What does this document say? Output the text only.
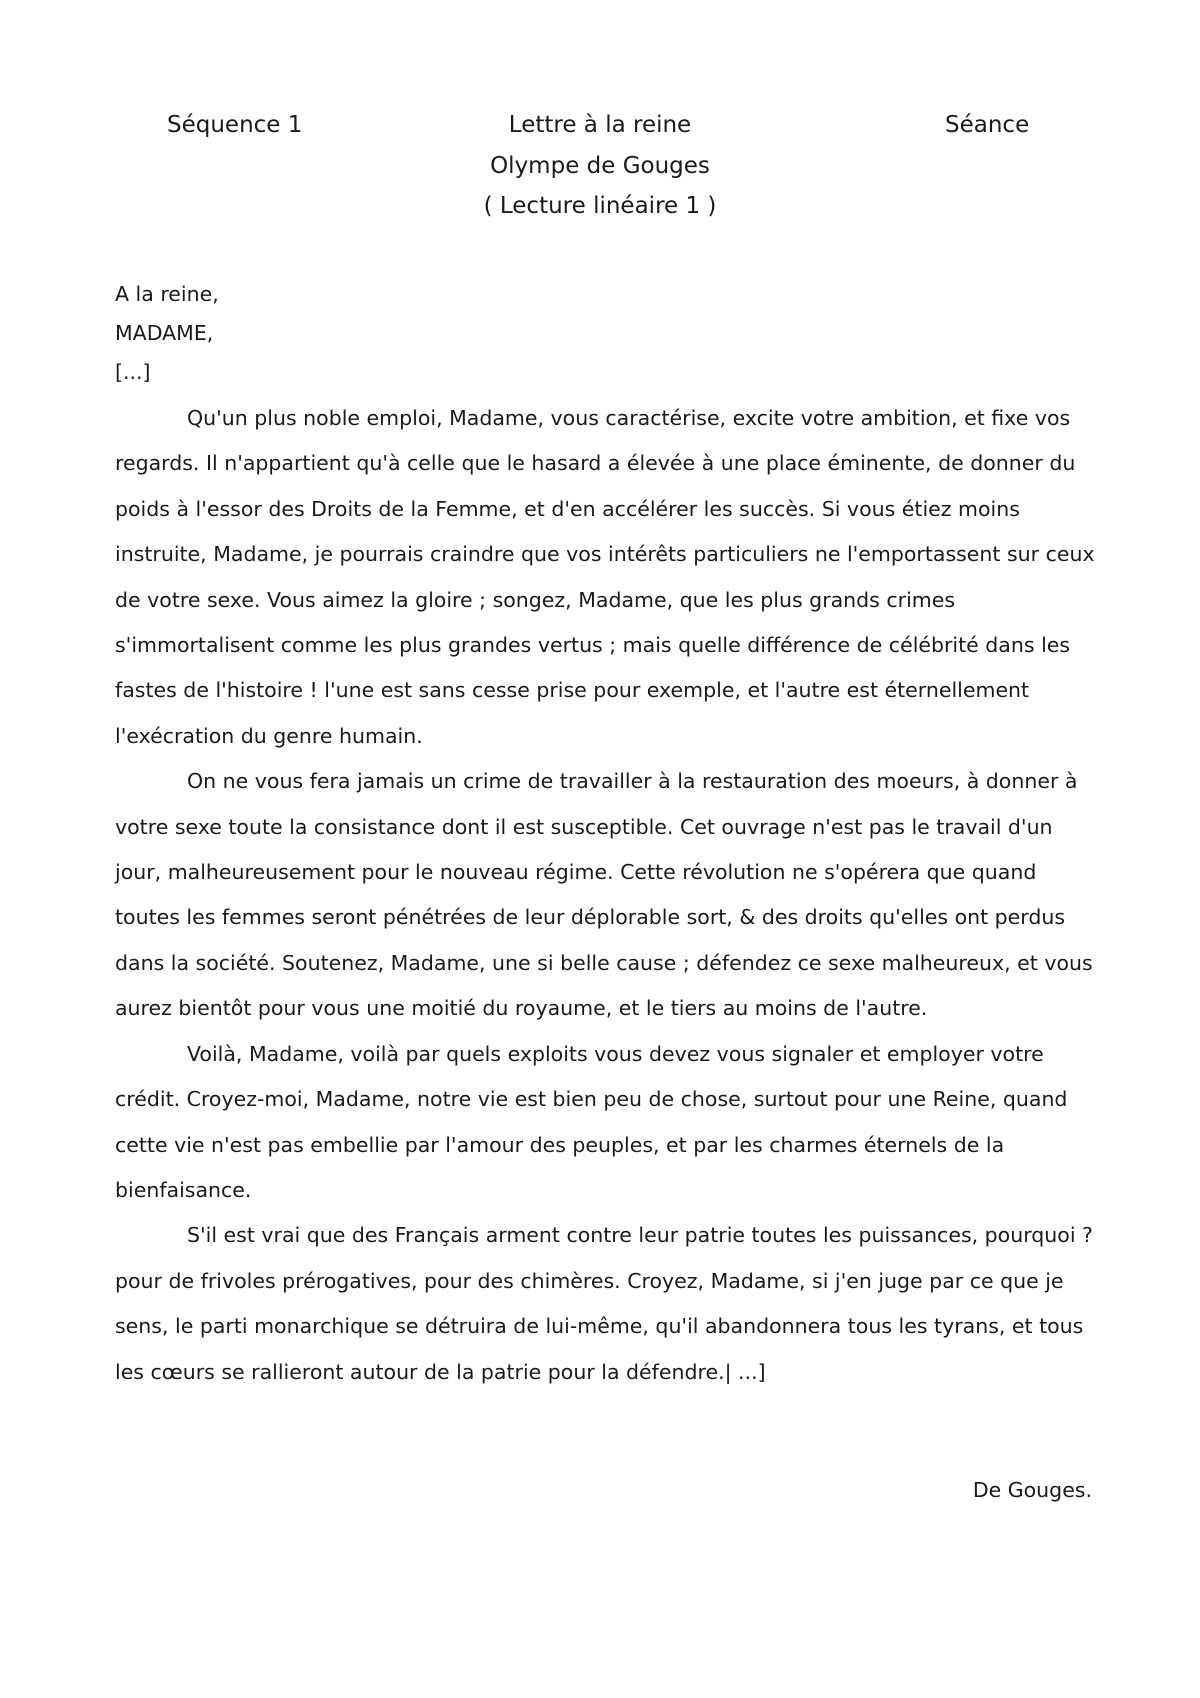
Lettre à la reine
Séquence 1	Séance
Olympe de Gouges
( Lecture linéaire 1 )

A la reine,

MADAME,

[...]

Qu'un plus noble emploi, Madame, vous caractérise, excite votre ambition, et fixe vos regards. Il n'appartient qu'à celle que le hasard a élevée à une place éminente, de donner du poids à l'essor des Droits de la Femme, et d'en accélérer les succès. Si vous étiez moins instruite, Madame, je pourrais craindre que vos intérêts particuliers ne l'emportassent sur ceux de votre sexe. Vous aimez la gloire ; songez, Madame, que les plus grands crimes s'immortalisent comme les plus grandes vertus ; mais quelle différence de célébrité dans les fastes de l'histoire ! l'une est sans cesse prise pour exemple, et l'autre est éternellement l'exécration du genre humain.

On ne vous fera jamais un crime de travailler à la restauration des moeurs, à donner à votre sexe toute la consistance dont il est susceptible. Cet ouvrage n'est pas le travail d'un jour, malheureusement pour le nouveau régime. Cette révolution ne s'opérera que quand toutes les femmes seront pénétrées de leur déplorable sort, & des droits qu'elles ont perdus dans la société. Soutenez, Madame, une si belle cause ; défendez ce sexe malheureux, et vous aurez bientôt pour vous une moitié du royaume, et le tiers au moins de l'autre.

Voilà, Madame, voilà par quels exploits vous devez vous signaler et employer votre crédit. Croyez-moi, Madame, notre vie est bien peu de chose, surtout pour une Reine, quand cette vie n'est pas embellie par l'amour des peuples, et par les charmes éternels de la bienfaisance.

S'il est vrai que des Français arment contre leur patrie toutes les puissances, pourquoi ? pour de frivoles prérogatives, pour des chimères. Croyez, Madame, si j'en juge par ce que je sens, le parti monarchique se détruira de lui-même, qu'il abandonnera tous les tyrans, et tous les cœurs se rallieront autour de la patrie pour la défendre.| ...]

De Gouges.
